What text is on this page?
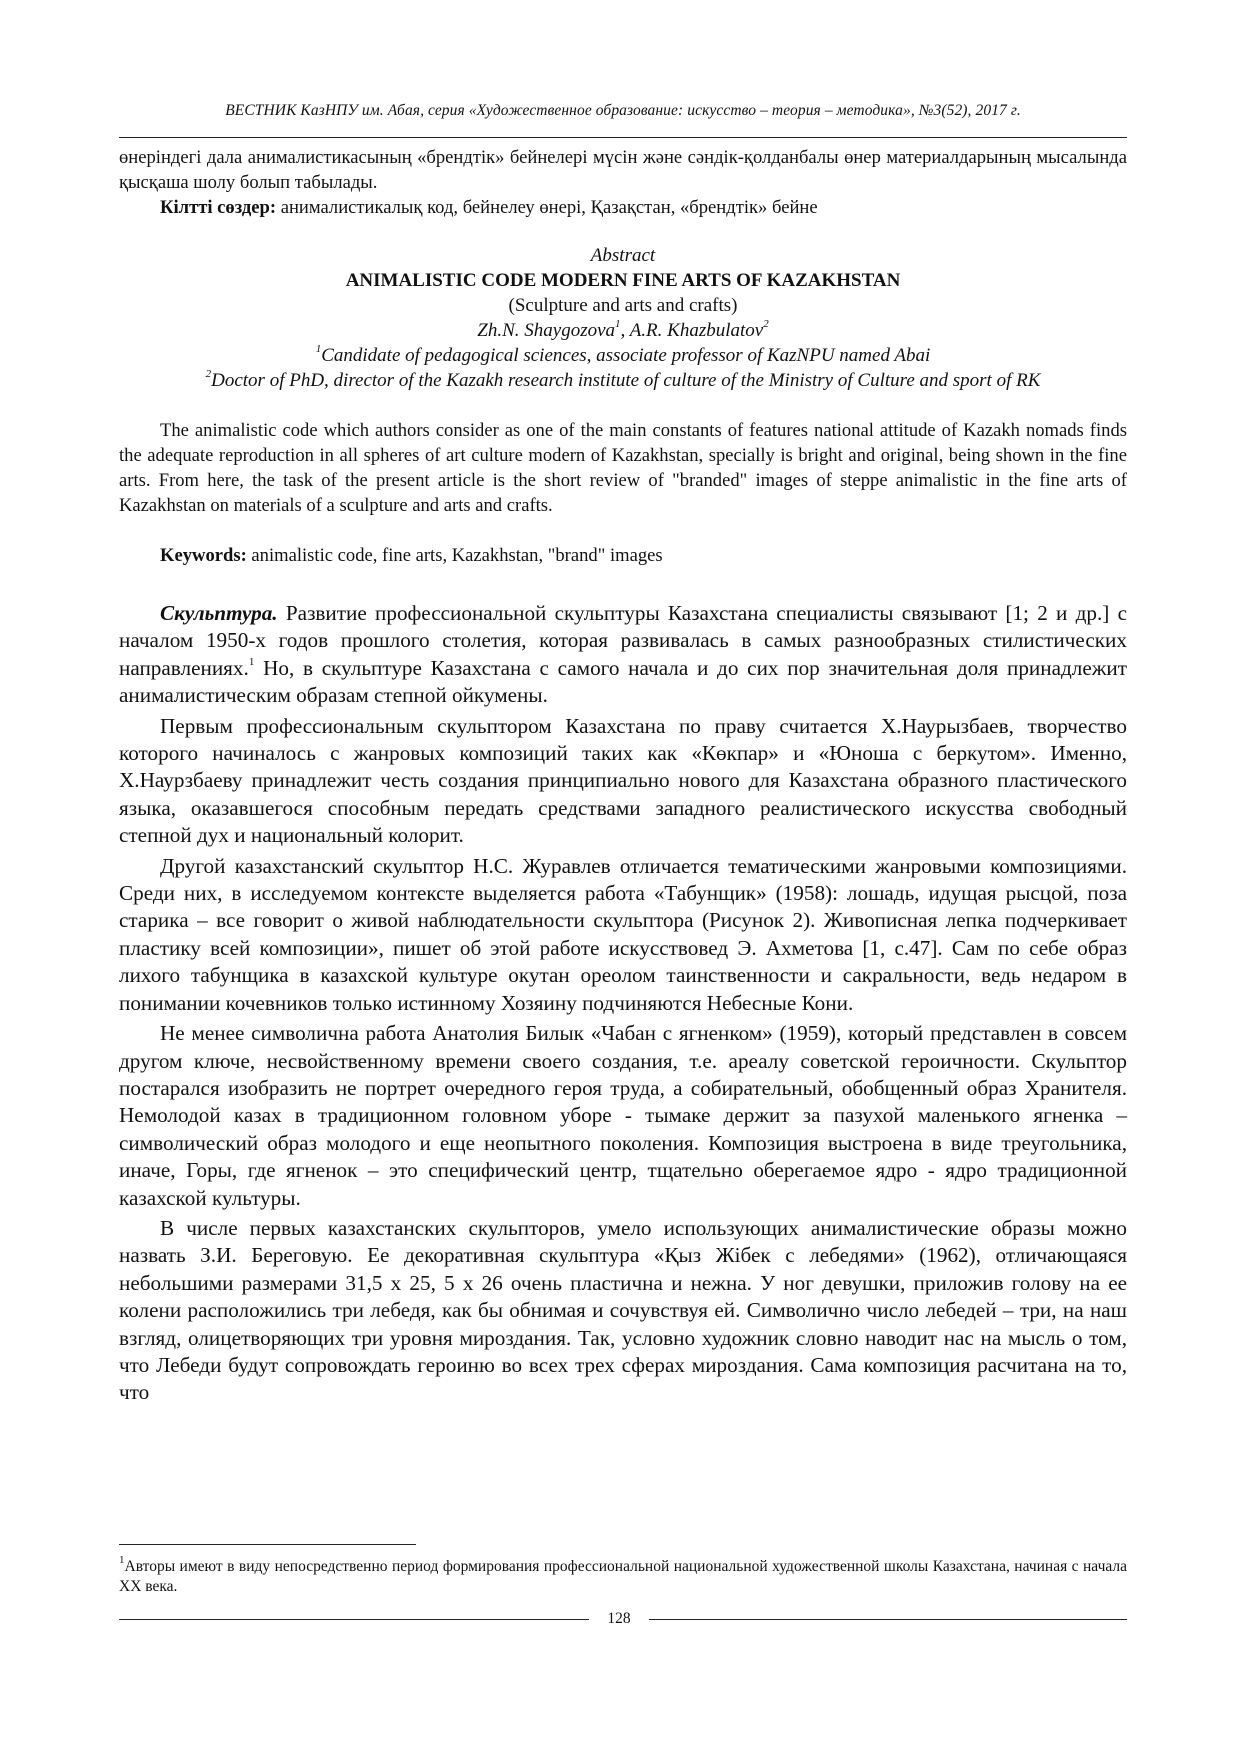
ВЕСТНИК КазНПУ им. Абая, серия «Художественное образование: искусство – теория – методика», №3(52), 2017 г.
өнеріндегі дала анималистикасының «брендтік» бейнелері мүсін және сәндік-қолданбалы өнер материалдарының мысалында қысқаша шолу болып табылады.
Кілтті сөздер: анималистикалық код, бейнелеу өнері, Қазақстан, «брендтік» бейне
Abstract
ANIMALISTIC CODE MODERN FINE ARTS OF KAZAKHSTAN
(Sculpture and arts and crafts)
Zh.N. Shaygozova$^1$, A.R. Khazbulatov$^2$
$^1$Candidate of pedagogical sciences, associate professor of KazNPU named Abai
$^2$Doctor of PhD, director of the Kazakh research institute of culture of the Ministry of Culture and sport of RK
The animalistic code which authors consider as one of the main constants of features national attitude of Kazakh nomads finds the adequate reproduction in all spheres of art culture modern of Kazakhstan, specially is bright and original, being shown in the fine arts. From here, the task of the present article is the short review of "branded" images of steppe animalistic in the fine arts of Kazakhstan on materials of a sculpture and arts and crafts.
Keywords: animalistic code, fine arts, Kazakhstan, "brand" images

Скульптура. Развитие профессиональной скульптуры Казахстана специалисты связывают [1; 2 и др.] с началом 1950-х годов прошлого столетия, которая развивалась в самых разнообразных стилистических направлениях.$^1$ Но, в скульптуре Казахстана с самого начала и до сих пор значительная доля принадлежит анималистическим образам степной ойкумены.

Первым профессиональным скульптором Казахстана по праву считается Х.Наурызбаев, творчество которого начиналось с жанровых композиций таких как «Көкпар» и «Юноша с беркутом». Именно, Х.Наурзбаеву принадлежит честь создания принципиально нового для Казахстана образного пластического языка, оказавшегося способным передать средствами западного реалистического искусства свободный степной дух и национальный колорит.

Другой казахстанский скульптор Н.С. Журавлев отличается тематическими жанровыми композициями. Среди них, в исследуемом контексте выделяется работа «Табунщик» (1958): лошадь, идущая рысцой, поза старика – все говорит о живой наблюдательности скульптора (Рисунок 2). Живописная лепка подчеркивает пластику всей композиции», пишет об этой работе искусствовед Э. Ахметова [1, с.47]. Сам по себе образ лихого табунщика в казахской культуре окутан ореолом таинственности и сакральности, ведь недаром в понимании кочевников только истинному Хозяину подчиняются Небесные Кони.

Не менее символична работа Анатолия Билык «Чабан с ягненком» (1959), который представлен в совсем другом ключе, несвойственному времени своего создания, т.е. ареалу советской героичности. Скульптор постарался изобразить не портрет очередного героя труда, а собирательный, обобщенный образ Хранителя. Немолодой казах в традиционном головном уборе - тымаке держит за пазухой маленького ягненка – символический образ молодого и еще неопытного поколения. Композиция выстроена в виде треугольника, иначе, Горы, где ягненок – это специфический центр, тщательно оберегаемое ядро - ядро традиционной казахской культуры.

В числе первых казахстанских скульпторов, умело использующих анималистические образы можно назвать З.И. Береговую. Ее декоративная скульптура «Қыз Жібек с лебедями» (1962), отличающаяся небольшими размерами 31,5 х 25, 5 х 26 очень пластична и нежна. У ног девушки, приложив голову на ее колени расположились три лебедя, как бы обнимая и сочувствуя ей. Символично число лебедей – три, на наш взгляд, олицетворяющих три уровня мироздания. Так, условно художник словно наводит нас на мысль о том, что Лебеди будут сопровождать героиню во всех трех сферах мироздания. Сама композиция расчитана на то, что

$^1$Авторы имеют в виду непосредственно период формирования профессиональной национальной художественной школы Казахстана, начиная с начала ХХ века.
128
